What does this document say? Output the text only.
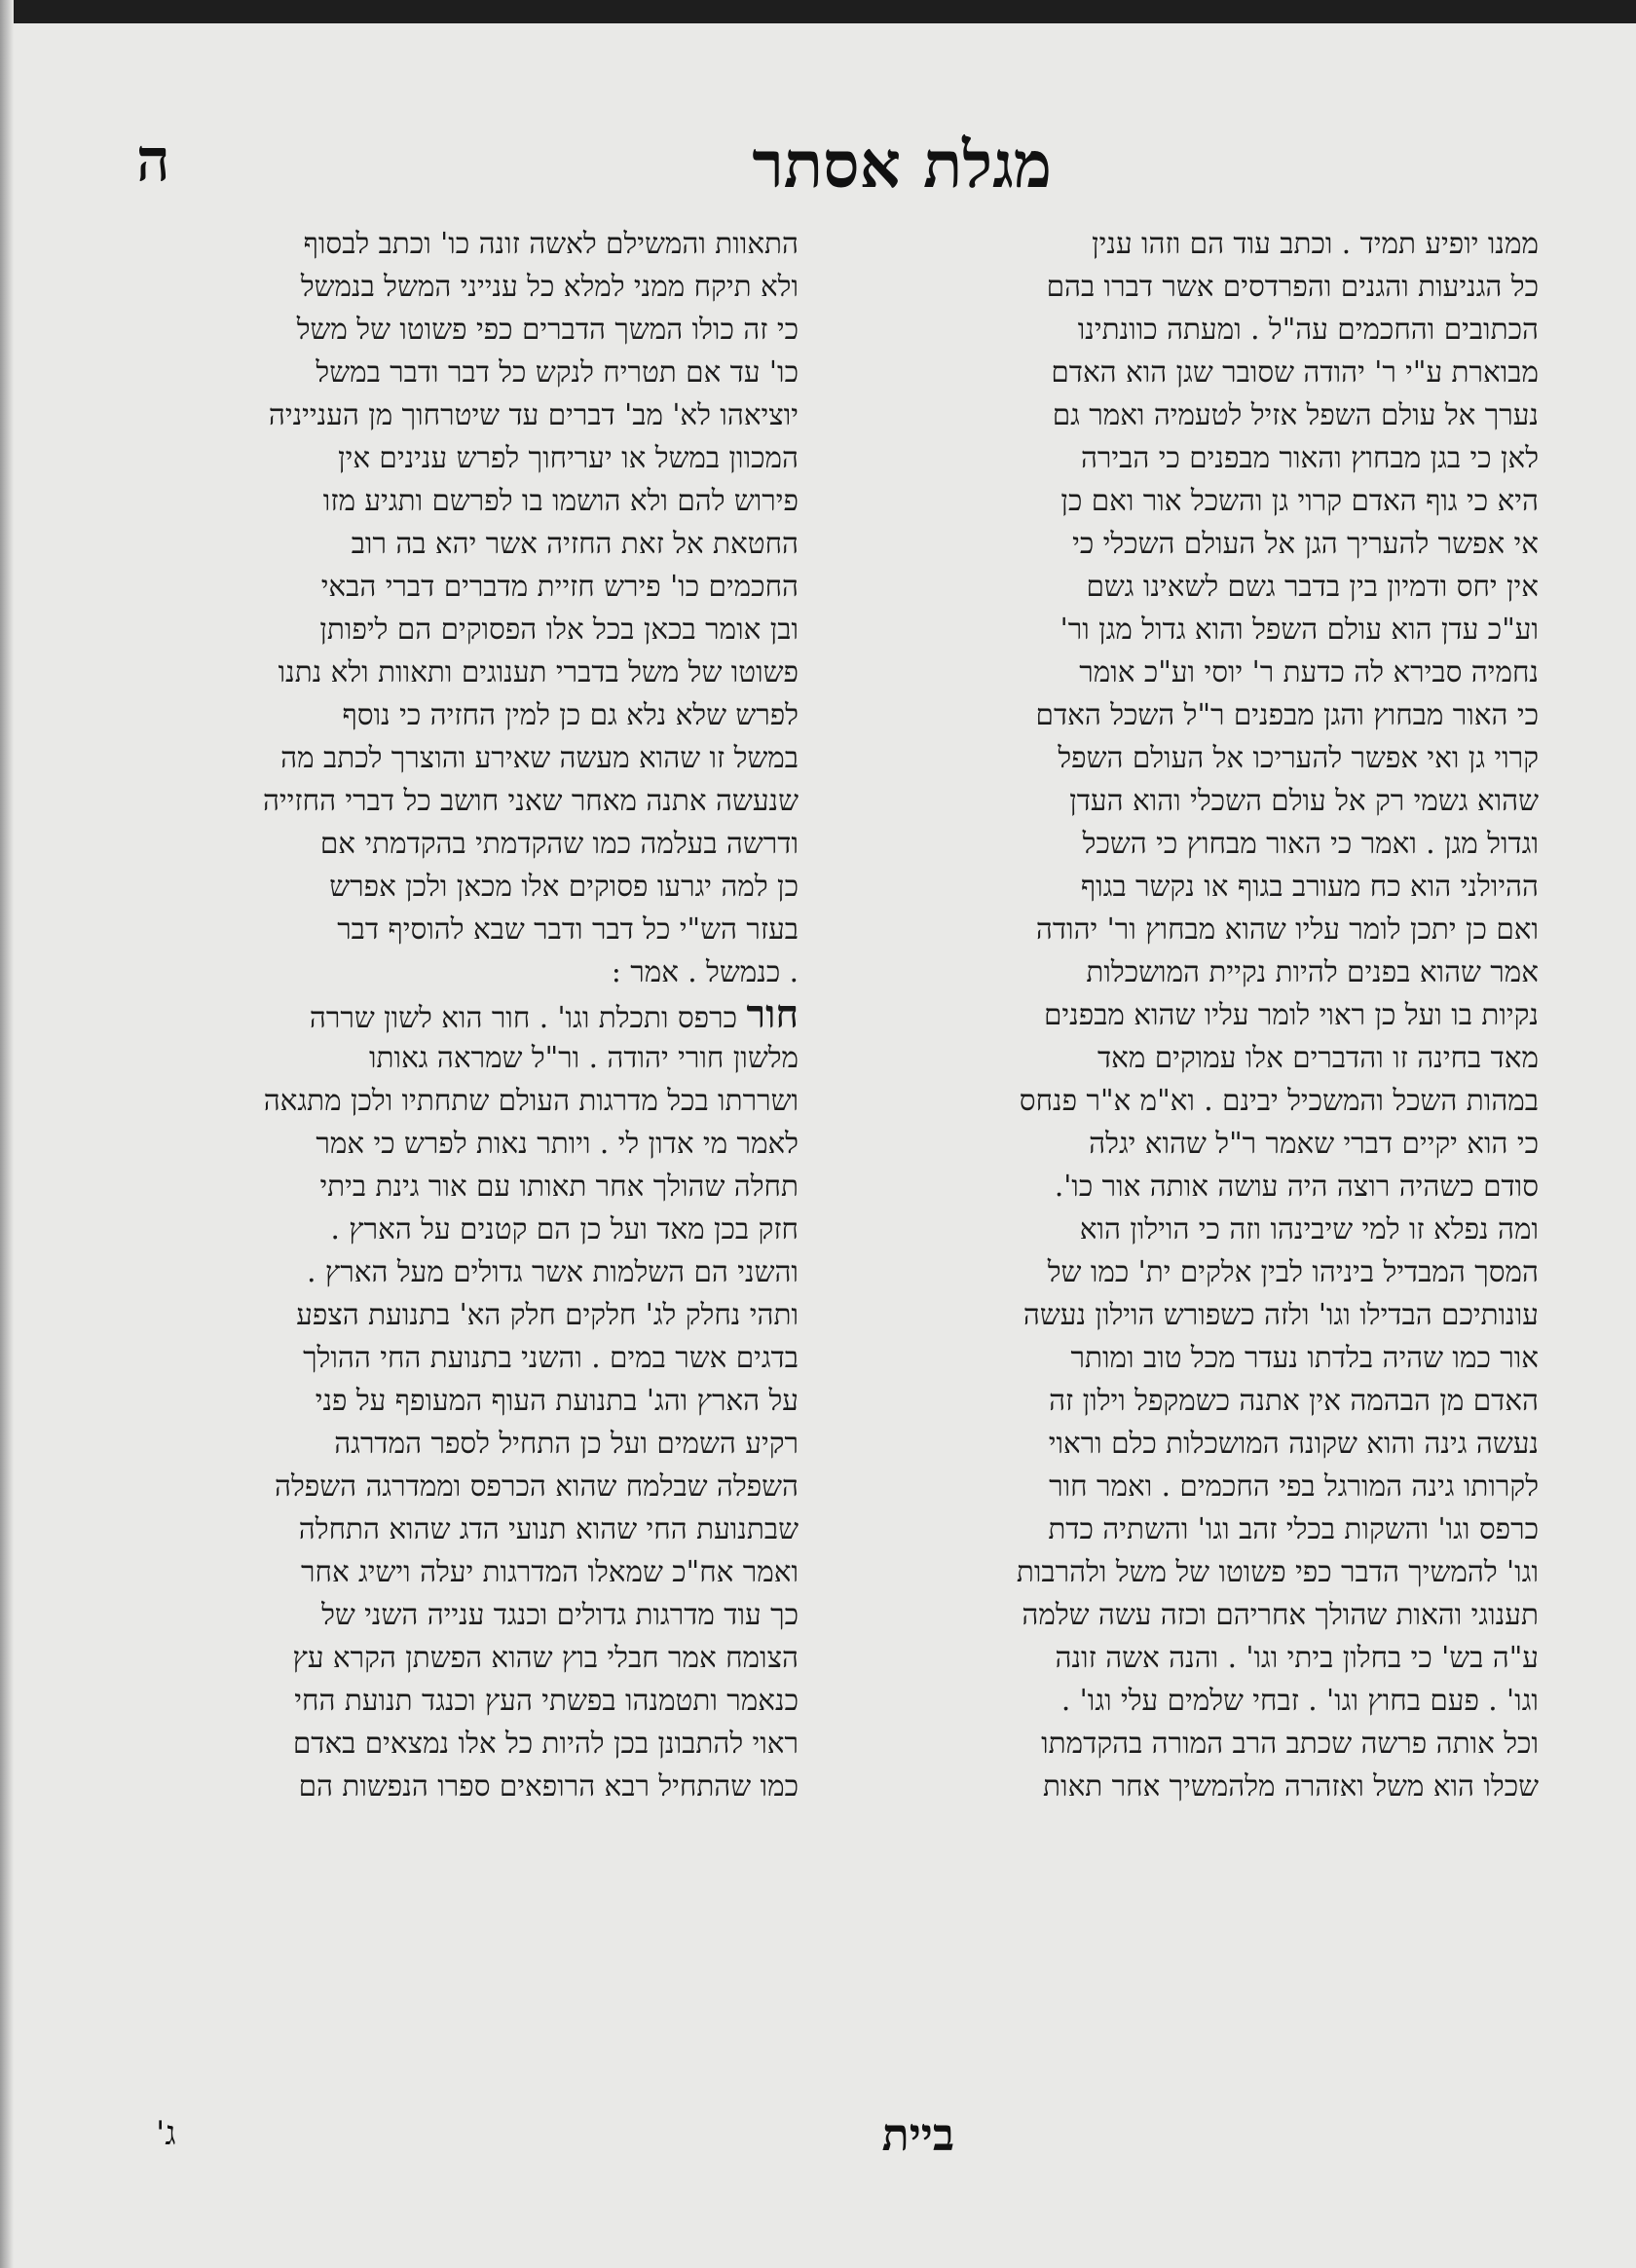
מגלת אסתר
ה
ממנו יופיע תמיד . וכתב עוד הם וזהו ענין
כל הגניעות והגנים והפרדסים אשר דברו בהם
הכתובים והחכמים עה"ל . ומעתה כוונתינו
מבוארת ע"י ר' יהודה שסובר שגן הוא האדם
נערך אל עולם השפל אזיל לטעמיה ואמר גם
לאן כי בגן מבחוץ והאור מבפנים כי הבירה
היא כי גוף האדם קרוי גן והשכל אור ואם כן
אי אפשר להעריך הגן אל העולם השכלי כי
אין יחס ודמיון בין בדבר גשם לשאינו גשם
וע"כ עדן הוא עולם השפל והוא גדול מגן ור'
נחמיה סבירא לה כדעת ר' יוסי וע"כ אומר
כי האור מבחוץ והגן מבפנים ר"ל השכל האדם
קרוי גן ואי אפשר להעריכו אל העולם השפל
שהוא גשמי רק אל עולם השכלי והוא העדן
וגדול מגן . ואמר כי האור מבחוץ כי השכל
ההיולני הוא כח מעורב בגוף או נקשר בגוף
ואם כן יתכן לומר עליו שהוא מבחוץ ור' יהודה
אמר שהוא בפנים להיות נקיית המושכלות
נקיות בו ועל כן ראוי לומר עליו שהוא מבפנים
מאד בחינה זו והדברים אלו עמוקים מאד
במהות השכל והמשכיל יבינם . וא"מ א"ר פנחס
כי הוא יקיים דברי שאמר ר"ל שהוא יגלה
סודם כשהיה רוצה היה עושה אותה אור כו'.
ומה נפלא זו למי שיבינהו וזה כי הוילון הוא
המסך המבדיל ביניהו לבין אלקים ית' כמו של
עונותיכם הבדילו וגו' ולזה כשפורש הוילון נעשה
אור כמו שהיה בלדתו נעדר מכל טוב ומותר
האדם מן הבהמה אין אתנה כשמקפל וילון זה
נעשה גינה והוא שקונה המושכלות כלם וראוי
לקרותו גינה המורגל בפי החכמים . ואמר חור
כרפס וגו' והשקות בכלי זהב וגו' והשתיה כדת
וגו' להמשיך הדבר כפי פשוטו של משל ולהרבות
תענוגי והאות שהולך אחריהם וכזה עשה שלמה
ע"ה בש' כי בחלון ביתי וגו' . והנה אשה זונה
וגו' . פעם בחוץ וגו' . זבחי שלמים עלי וגו' .
וכל אותה פרשה שכתב הרב המורה בהקדמתו
שכלו הוא משל ואזהרה מלהמשיך אחר תאות
התאוות והמשילם לאשה זונה כו' וכתב לבסוף
ולא תיקח ממני למלא כל ענייני המשל בנמשל
כי זה כולו המשך הדברים כפי פשוטו של משל
כו' עד אם תטריח לנקש כל דבר ודבר במשל
יוציאהו לא' מב' דברים עד שיטרחוך מן הענייניה
המכוון במשל או יעריחוך לפרש ענינים אין
פירוש להם ולא הושמו בו לפרשם ותגיע מזו
החטאת אל זאת החזיה אשר יהא בה רוב
החכמים כו' פירש חזיית מדברים דברי הבאי
ובן אומר בכאן בכל אלו הפסוקים הם ליפותן
פשוטו של משל בדברי תענוגים ותאוות ולא נתנו
לפרש שלא נלא גם כן למין החזיה כי נוסף
במשל זו שהוא מעשה שאירע והוצרך לכתב מה
שנעשה אתנה מאחר שאני חושב כל דברי החזייה
ודרשה בעלמה כמו שהקדמתי בהקדמתי אם
כן למה יגרעו פסוקים אלו מכאן ולכן אפרש
בעזר הש"י כל דבר ודבר שבא להוסיף דבר
. כנמשל . אמר :
חור כרפס ותכלת וגו' . חור הוא לשון שררה
מלשון חורי יהודה . ור"ל שמראה גאותו
ושררתו בכל מדרגות העולם שתחתיו ולכן מתגאה
לאמר מי אדון לי . ויותר נאות לפרש כי אמר
תחלה שהולך אחר תאותו עם אור גינת ביתי
חזק בכן מאד ועל כן הם קטנים על הארץ .
והשני הם השלמות אשר גדולים מעל הארץ .
ותהי נחלק לג' חלקים חלק הא' בתנועת הצפע
בדגים אשר במים . והשני בתנועת החי ההולך
על הארץ והג' בתנועת העוף המעופף על פני
רקיע השמים ועל כן התחיל לספר המדרגה
השפלה שבלמח שהוא הכרפס וממדרגה השפלה
שבתנועת החי שהוא תנועי הדג שהוא התחלה
ואמר אח"כ שמאלו המדרגות יעלה וישיג אחר
כך עוד מדרגות גדולים וכנגד ענייה השני של
הצומח אמר חבלי בוץ שהוא הפשתן הקרא עץ
כנאמר ותטמנהו בפשתי העץ וכנגד תנועת החי
ראוי להתבונן בכן להיות כל אלו נמצאים באדם
כמו שהתחיל רבא הרופאים ספרו הנפשות הם
ביית
ג'
